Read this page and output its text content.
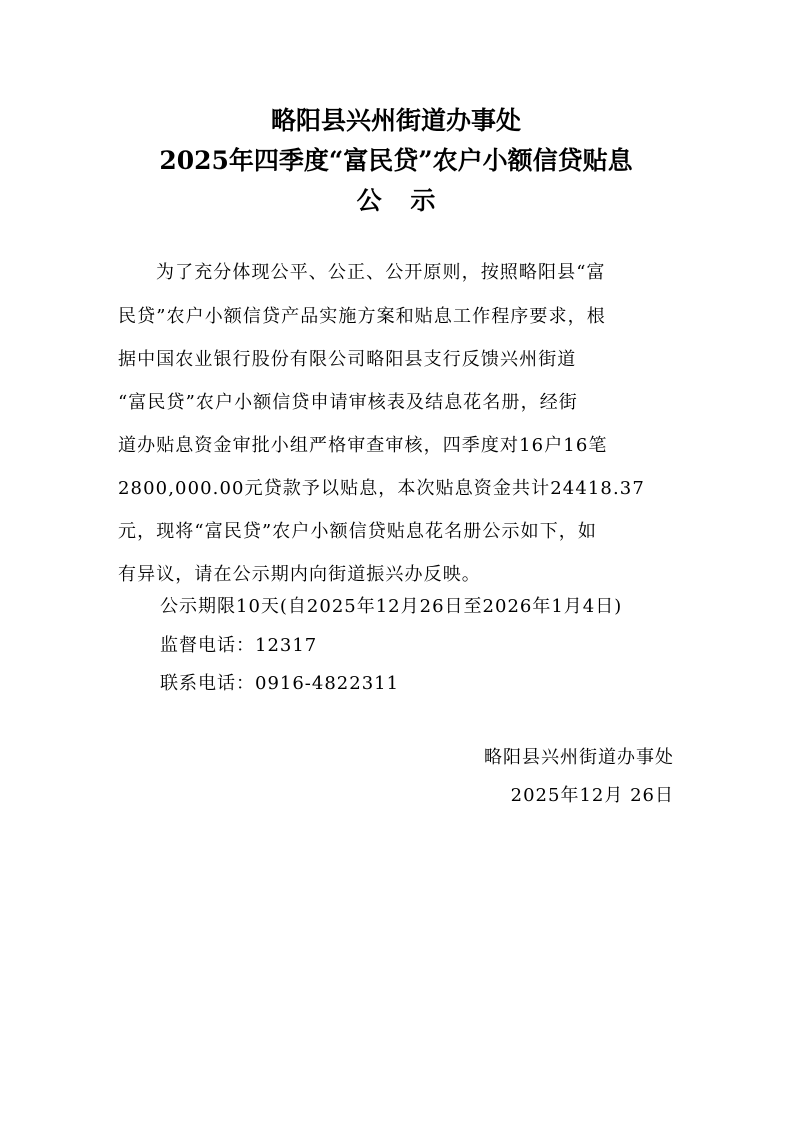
略阳县兴州街道办事处
2025年四季度“富民贷”农户小额信贷贴息
公 示
为了充分体现公平、公正、公开原则，按照略阳县“富
民贷”农户小额信贷产品实施方案和贴息工作程序要求，根
据中国农业银行股份有限公司略阳县支行反馈兴州街道
“富民贷”农户小额信贷申请审核表及结息花名册，经街
道办贴息资金审批小组严格审查审核，四季度对16户16笔
2800,000.00元贷款予以贴息，本次贴息资金共计24418.37
元，现将“富民贷”农户小额信贷贴息花名册公示如下，如
有异议，请在公示期内向街道振兴办反映。
公示期限10天(自2025年12月26日至2026年1月4日)
监督电话：12317
联系电话：0916-4822311
略阳县兴州街道办事处
2025年12月 26日
